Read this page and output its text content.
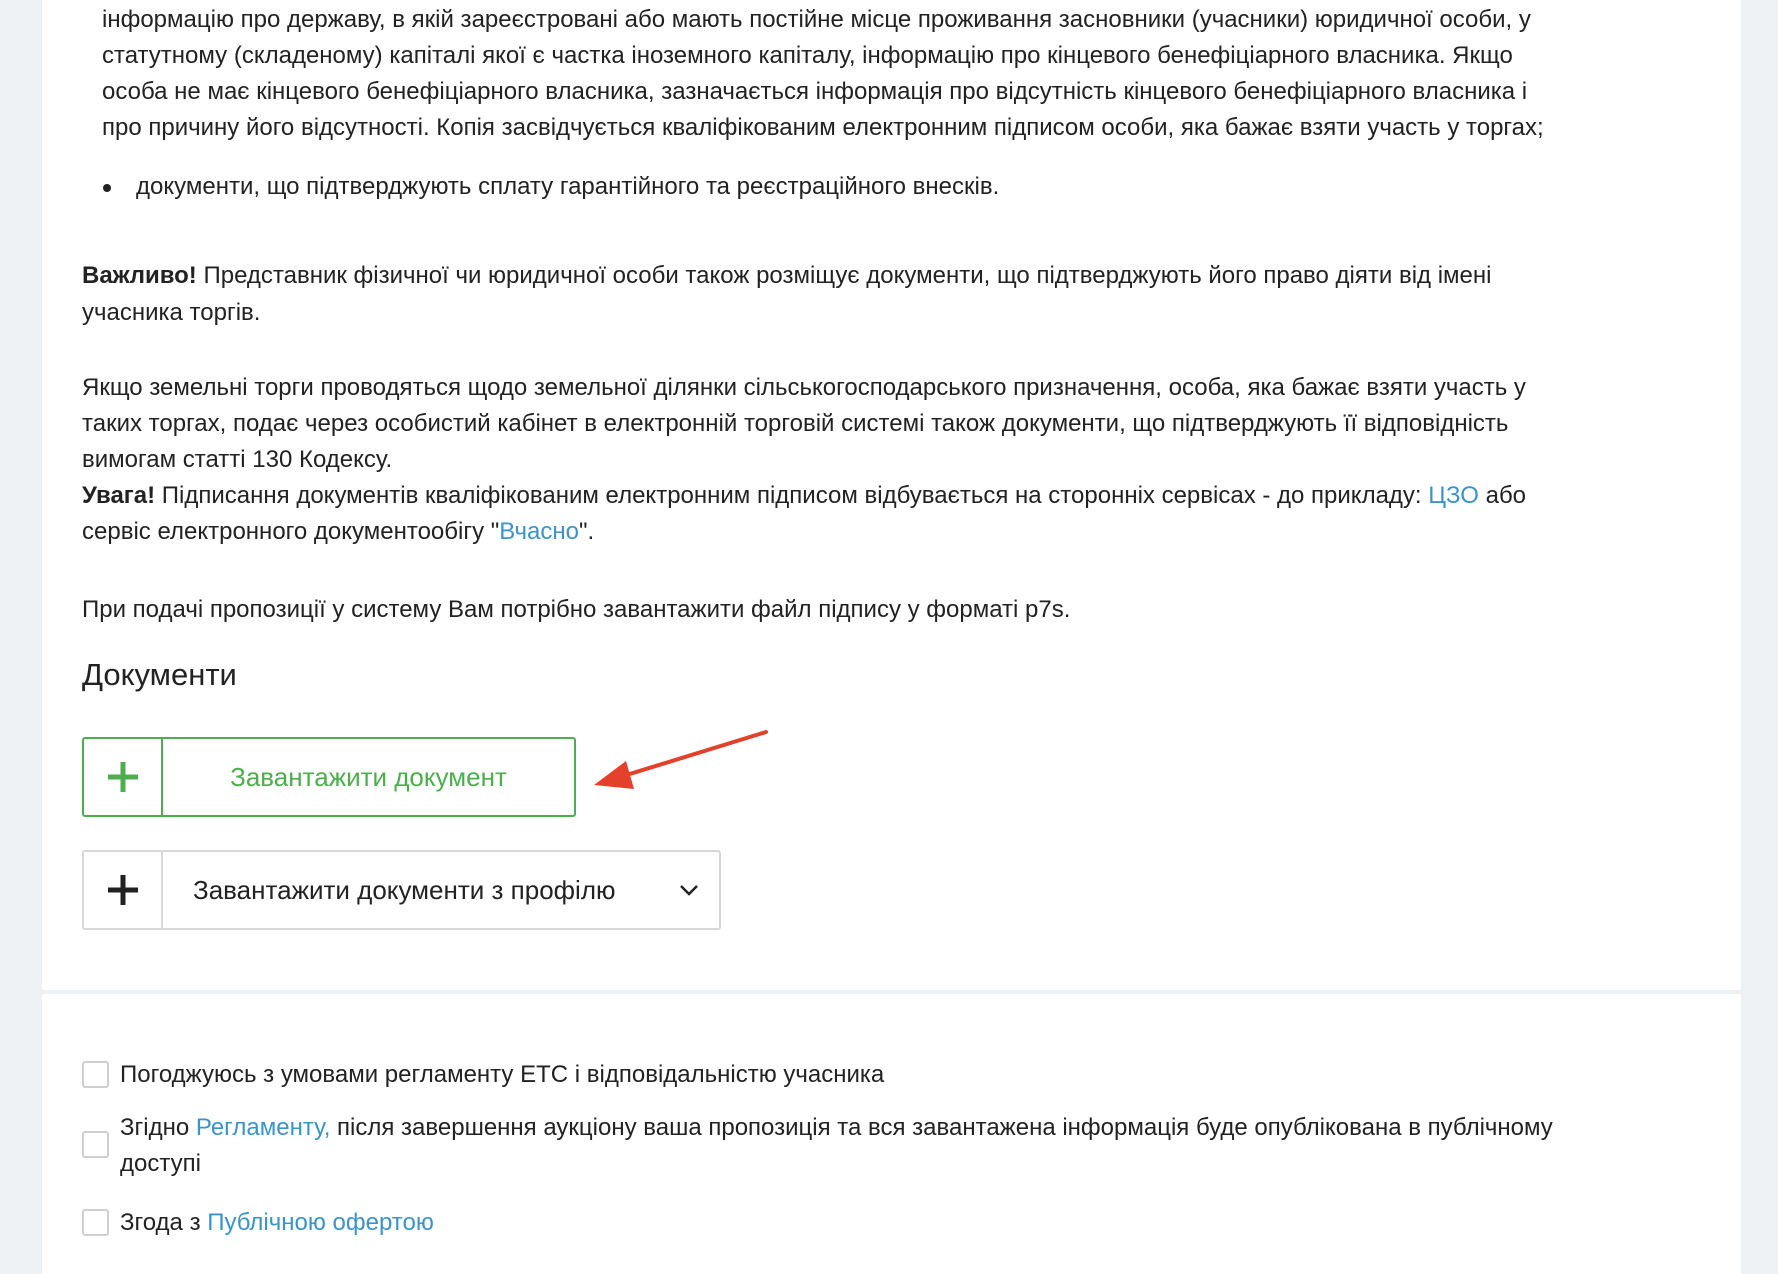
інформацію про державу, в якій зареєстровані або мають постійне місце проживання засновники (учасники) юридичної особи, у
статутному (складеному) капіталі якої є частка іноземного капіталу, інформацію про кінцевого бенефіціарного власника. Якщо
особа не має кінцевого бенефіціарного власника, зазначається інформація про відсутність кінцевого бенефіціарного власника і
про причину його відсутності. Копія засвідчується кваліфікованим електронним підписом особи, яка бажає взяти участь у торгах;
документи, що підтверджують сплату гарантійного та реєстраційного внесків.
Важливо! Представник фізичної чи юридичної особи також розміщує документи, що підтверджують його право діяти від імені
учасника торгів.
Якщо земельні торги проводяться щодо земельної ділянки сільськогосподарського призначення, особа, яка бажає взяти участь у
таких торгах, подає через особистий кабінет в електронній торговій системі також документи, що підтверджують її відповідність
вимогам статті 130 Кодексу.
Увага! Підписання документів кваліфікованим електронним підписом відбувається на сторонніх сервісах - до прикладу: ЦЗО або
сервіс електронного документообігу "Вчасно".
При подачі пропозиції у систему Вам потрібно завантажити файл підпису у форматі p7s.
Документи
Завантажити документ
Завантажити документи з профілю
Погоджуюсь з умовами регламенту ЕТС і відповідальністю учасника
Згідно Регламенту, після завершення аукціону ваша пропозиція та вся завантажена інформація буде опублікована в публічному
доступі
Згода з Публічною офертою
